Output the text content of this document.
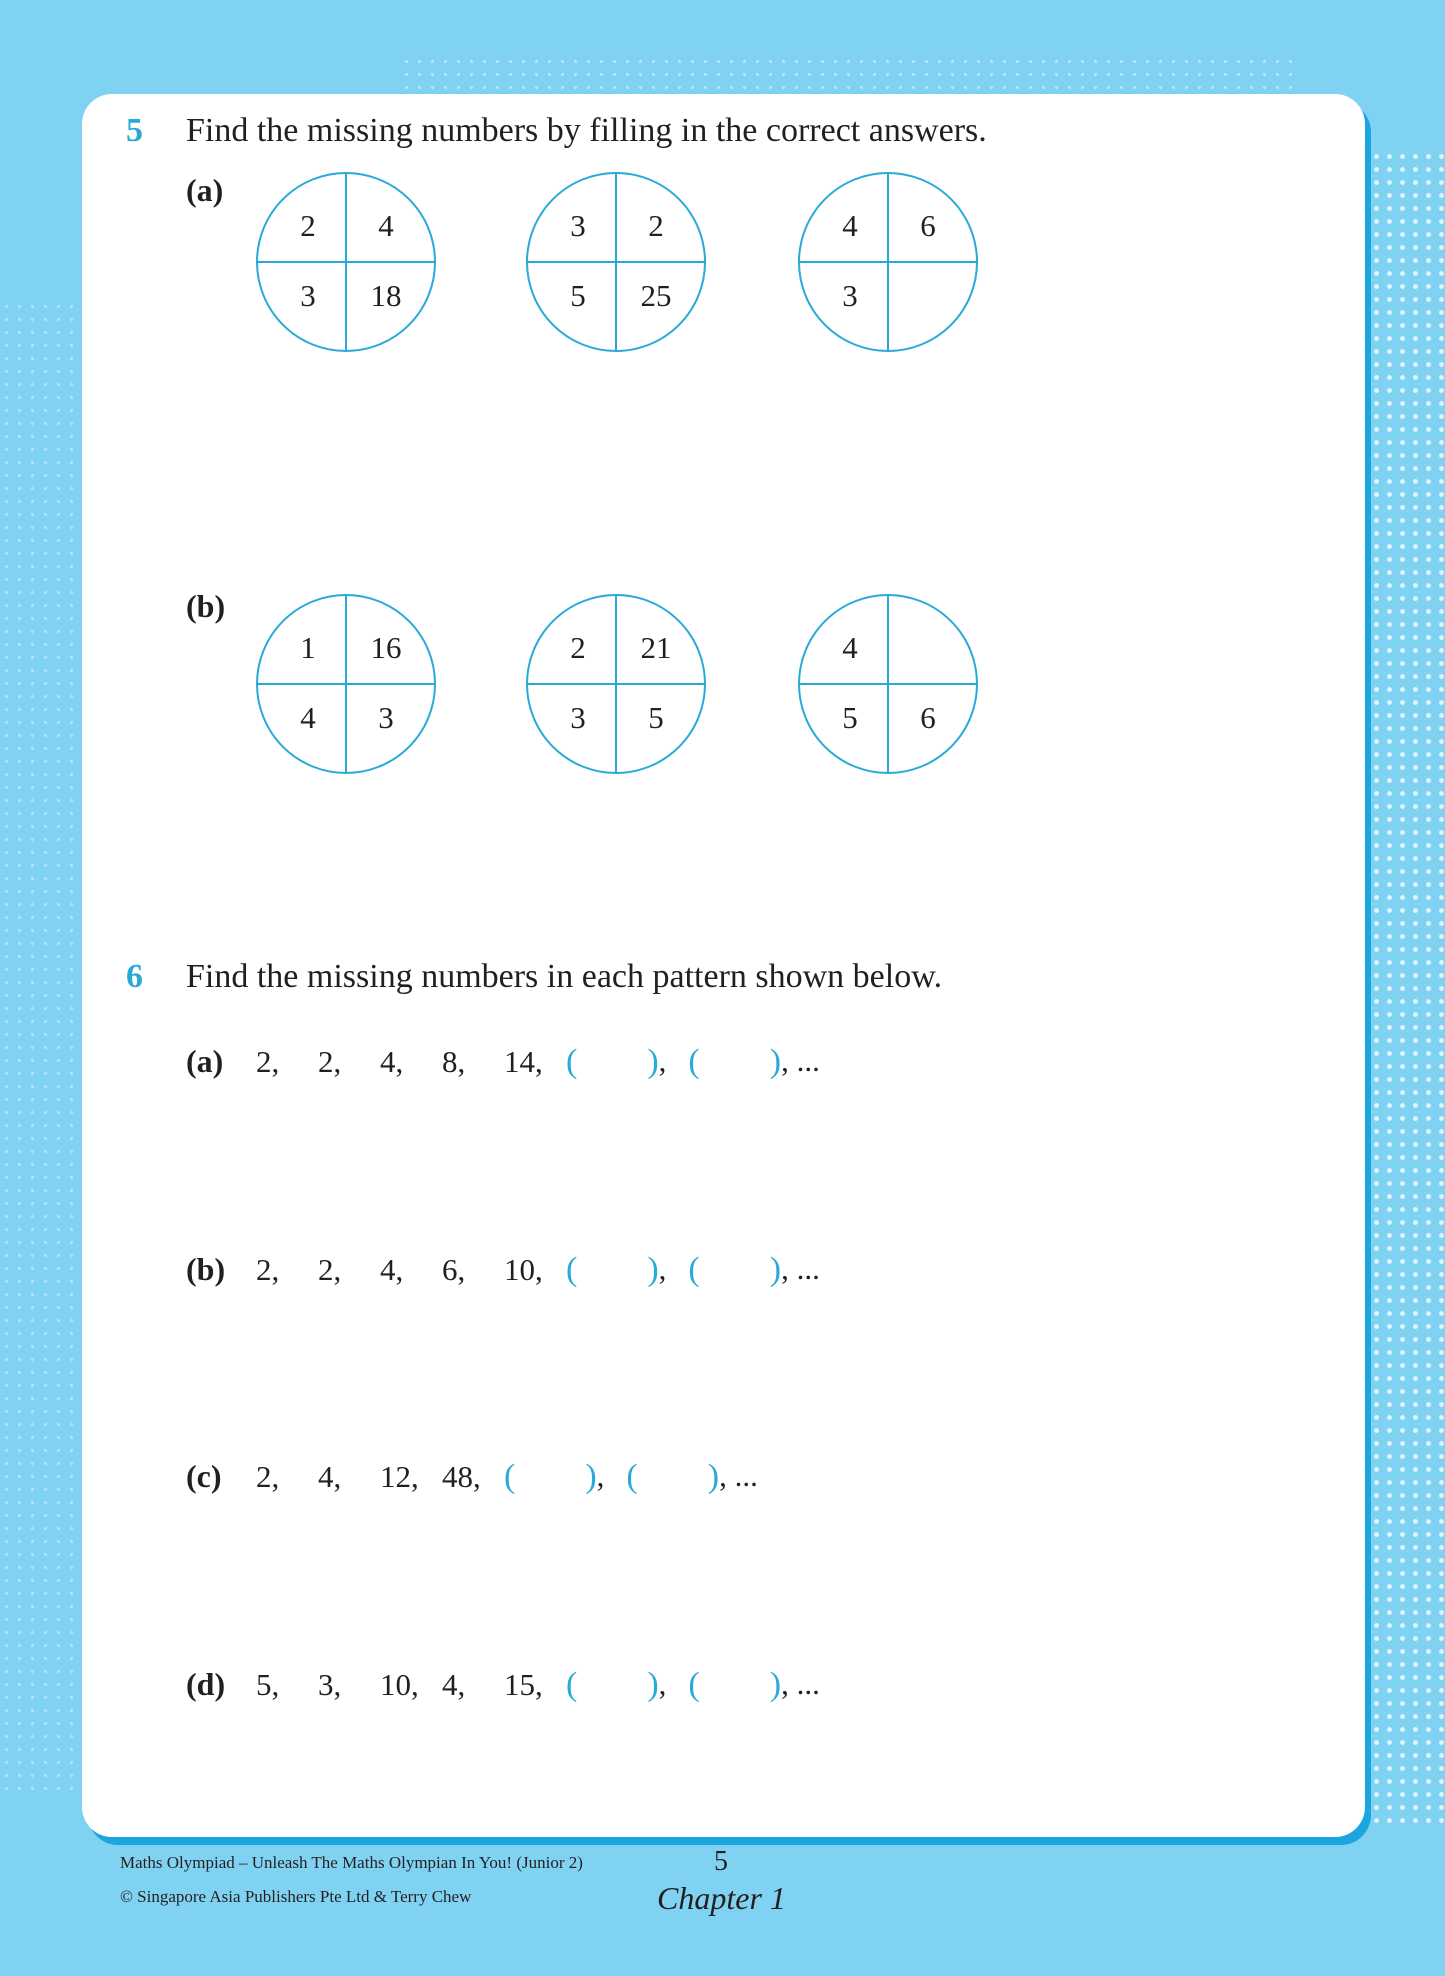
5 Find the missing numbers by filling in the correct answers.
(a)
2	4
3	18
3	2
5	25
4	6
3
(b)
1	16
4	3
2	21
3	5
4
5	6
6 Find the missing numbers in each pattern shown below.
(a)	2,	2,	4,	8,	14, ( ) , ( ) , ...
(b) 2,	2,	4,	6,	10, ( ) , ( ) , ...
(c)	2,	4,	12, 48, ( ) , ( ) , ...
(d) 5,	3,	10, 4,	15, ( ) , ( ) , ...
Maths Olympiad – Unleash The Maths Olympian In You! (Junior 2)
© Singapore Asia Publishers Pte Ltd & Terry Chew
5
Chapter 1
